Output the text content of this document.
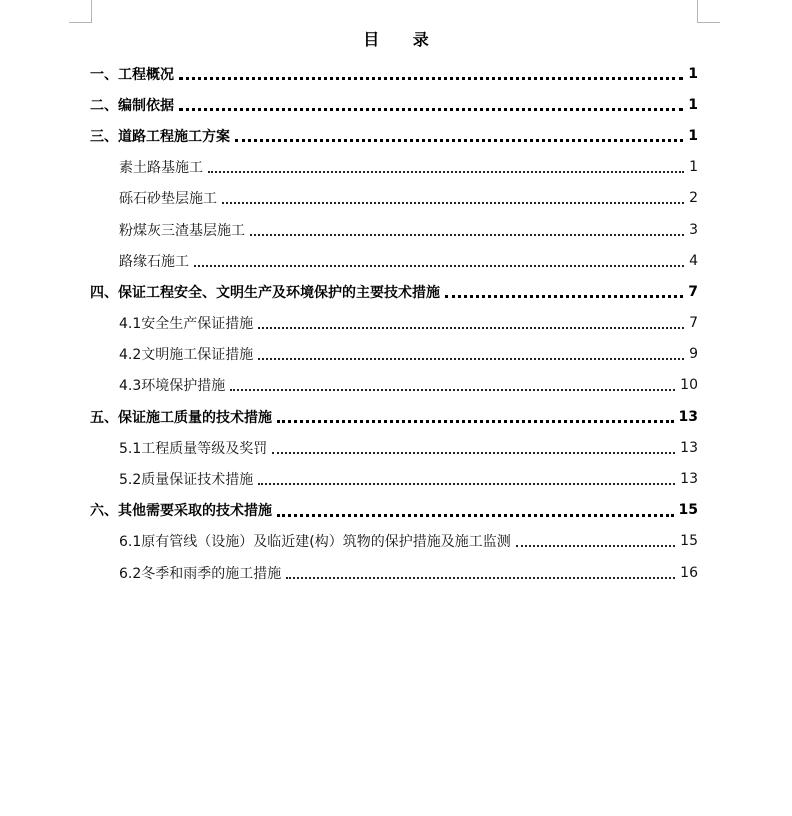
目 录
一、工程概况	1
二、编制依据	1
三、道路工程施工方案	1
素土路基施工	1
砾石砂垫层施工	2
粉煤灰三渣基层施工	3
路缘石施工	4
四、保证工程安全、文明生产及环境保护的主要技术措施	7
4.1安全生产保证措施	7
4.2文明施工保证措施	9
4.3环境保护措施	10
五、保证施工质量的技术措施	13
5.1工程质量等级及奖罚	13
5.2质量保证技术措施	13
六、其他需要采取的技术措施	15
6.1原有管线（设施）及临近建(构）筑物的保护措施及施工监测	15
6.2冬季和雨季的施工措施	16
